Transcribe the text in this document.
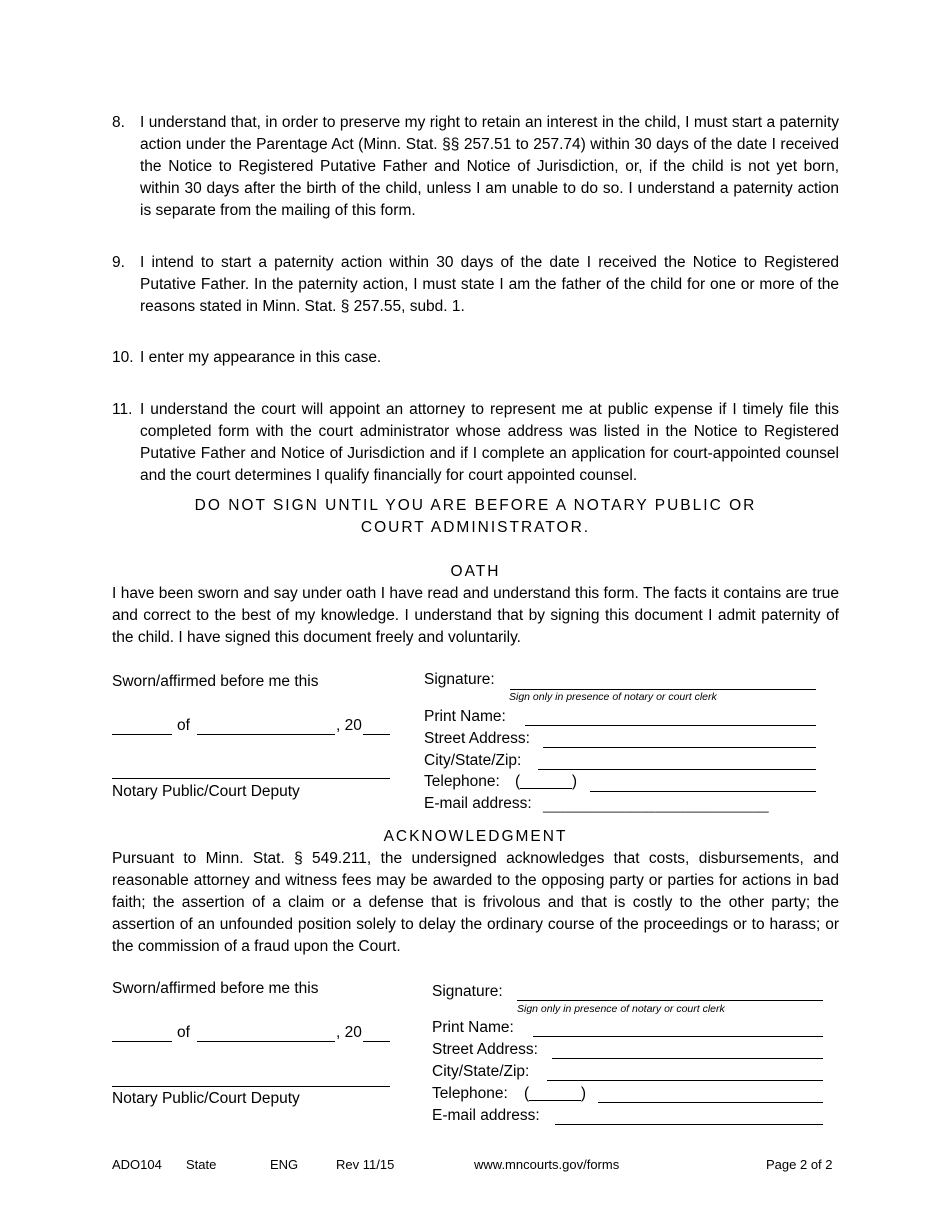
8. I understand that, in order to preserve my right to retain an interest in the child, I must start a paternity action under the Parentage Act (Minn. Stat. §§ 257.51 to 257.74) within 30 days of the date I received the Notice to Registered Putative Father and Notice of Jurisdiction, or, if the child is not yet born, within 30 days after the birth of the child, unless I am unable to do so. I understand a paternity action is separate from the mailing of this form.
9. I intend to start a paternity action within 30 days of the date I received the Notice to Registered Putative Father. In the paternity action, I must state I am the father of the child for one or more of the reasons stated in Minn. Stat. § 257.55, subd. 1.
10. I enter my appearance in this case.
11. I understand the court will appoint an attorney to represent me at public expense if I timely file this completed form with the court administrator whose address was listed in the Notice to Registered Putative Father and Notice of Jurisdiction and if I complete an application for court-appointed counsel and the court determines I qualify financially for court appointed counsel.
DO NOT SIGN UNTIL YOU ARE BEFORE A NOTARY PUBLIC OR
COURT ADMINISTRATOR.
OATH
I have been sworn and say under oath I have read and understand this form. The facts it contains are true and correct to the best of my knowledge. I understand that by signing this document I admit paternity of the child. I have signed this document freely and voluntarily.
Sworn/affirmed before me this
of	, 20
Notary Public/Court Deputy
Signature:
Sign only in presence of notary or court clerk
Print Name:
Street Address:
City/State/Zip:
Telephone: (______)
E-mail address: ______________________________
ACKNOWLEDGMENT
Pursuant to Minn. Stat. § 549.211, the undersigned acknowledges that costs, disbursements, and reasonable attorney and witness fees may be awarded to the opposing party or parties for actions in bad faith; the assertion of a claim or a defense that is frivolous and that is costly to the other party; the assertion of an unfounded position solely to delay the ordinary course of the proceedings or to harass; or the commission of a fraud upon the Court.
Sworn/affirmed before me this
of	, 20
Notary Public/Court Deputy
Signature:
Sign only in presence of notary or court clerk
Print Name:
Street Address:
City/State/Zip:
Telephone: (______)
E-mail address:
ADO104 State	ENG	Rev 11/15	www.mncourts.gov/forms	Page 2 of 2
